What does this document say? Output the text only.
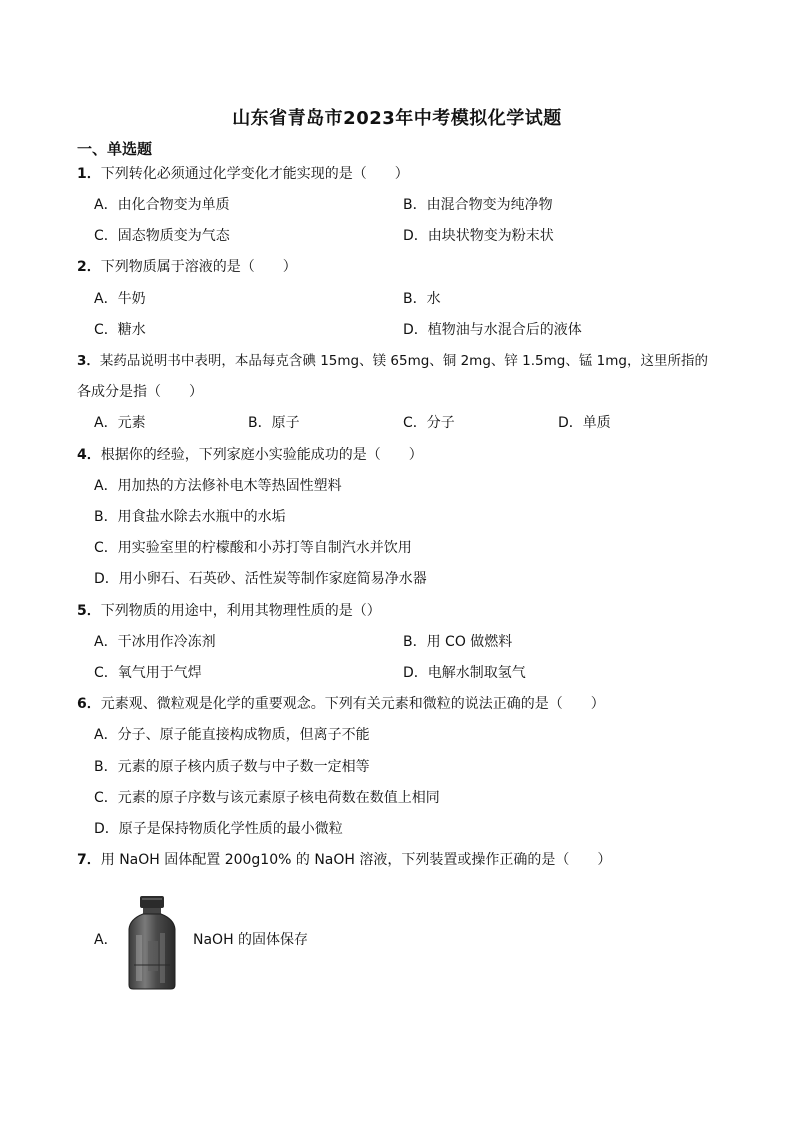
山东省青岛市2023年中考模拟化学试题
一、单选题
1．下列转化必须通过化学变化才能实现的是（　　）
A．由化合物变为单质	B．由混合物变为纯净物
C．固态物质变为气态	D．由块状物变为粉末状
2．下列物质属于溶液的是（　　）
A．牛奶	B．水
C．糖水	D．植物油与水混合后的液体
3．某药品说明书中表明，本品每克含碘 15mg、镁 65mg、铜 2mg、锌 1.5mg、锰 1mg，这里所指的
各成分是指（　　）
A．元素	B．原子	C．分子	D．单质
4．根据你的经验，下列家庭小实验能成功的是（　　）
A．用加热的方法修补电木等热固性塑料
B．用食盐水除去水瓶中的水垢
C．用实验室里的柠檬酸和小苏打等自制汽水并饮用
D．用小卵石、石英砂、活性炭等制作家庭简易净水器
5．下列物质的用途中，利用其物理性质的是（）
A．干冰用作冷冻剂	B．用 CO 做燃料
C．氧气用于气焊	D．电解水制取氢气
6．元素观、微粒观是化学的重要观念。下列有关元素和微粒的说法正确的是（　　）
A．分子、原子能直接构成物质，但离子不能
B．元素的原子核内质子数与中子数一定相等
C．元素的原子序数与该元素原子核电荷数在数值上相同
D．原子是保持物质化学性质的最小微粒
7．用 NaOH 固体配置 200g10% 的 NaOH 溶液，下列装置或操作正确的是（　　）
A．	NaOH 的固体保存
